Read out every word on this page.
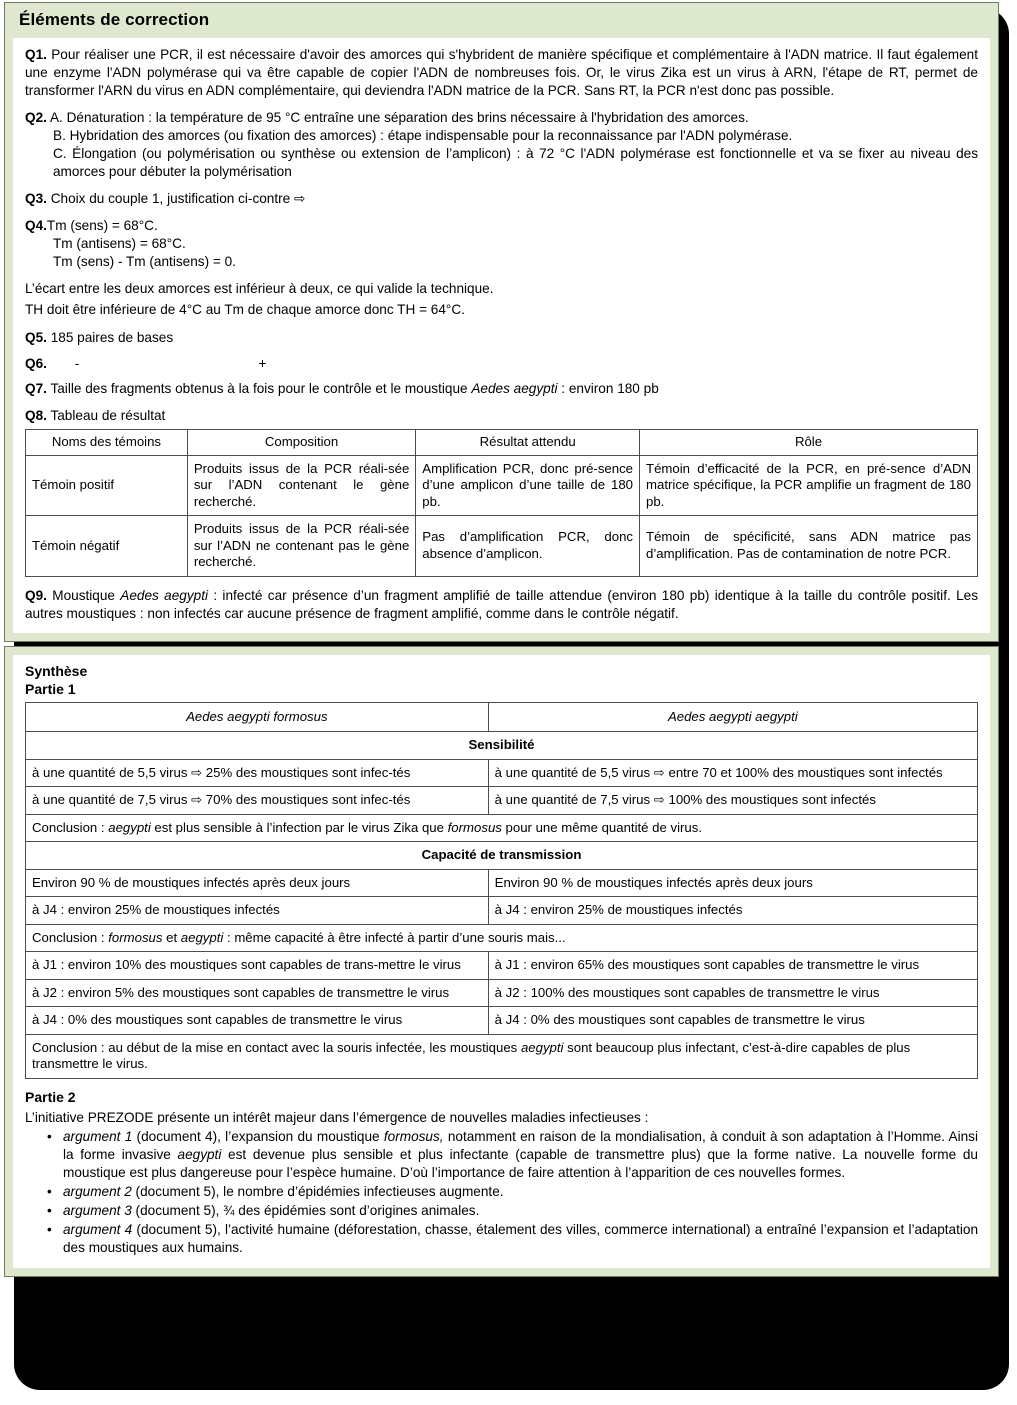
Éléments de correction

Q1. Pour réaliser une PCR, il est nécessaire d'avoir des amorces qui s'hybrident de manière spécifique et complémentaire à l'ADN matrice. Il faut également une enzyme l'ADN polymérase qui va être capable de copier l'ADN de nombreuses fois. Or, le virus Zika est un virus à ARN, l'étape de RT, permet de transformer l'ARN du virus en ADN complémentaire, qui deviendra l'ADN matrice de la PCR. Sans RT, la PCR n'est donc pas possible.

Q2. A. Dénaturation : la température de 95 °C entraîne une séparation des brins nécessaire à l'hybridation des amorces.
B. Hybridation des amorces (ou fixation des amorces) : étape indispensable pour la reconnaissance par l'ADN polymérase.
C. Élongation (ou polymérisation ou synthèse ou extension de l’amplicon) : à 72 °C l'ADN polymérase est fonctionnelle et va se fixer au niveau des amorces pour débuter la polymérisation

Q3. Choix du couple 1, justification ci-contre ⇨

Q4.Tm (sens) = 68°C.
Tm (antisens) = 68°C.
Tm (sens) - Tm (antisens) = 0.

L’écart entre les deux amorces est inférieur à deux, ce qui valide la technique.

TH doit être inférieure de 4°C au Tm de chaque amorce donc TH = 64°C.

Q5. 185 paires de bases

Q6. -	+

Q7. Taille des fragments obtenus à la fois pour le contrôle et le moustique Aedes aegypti : environ 180 pb

Q8. Tableau de résultat

Noms des témoins	Composition	Résultat attendu	Rôle
Témoin positif	Produits issus de la PCR réali-sée sur l’ADN contenant le gène recherché.	Amplification PCR, donc pré-sence d’une amplicon d’une taille de 180 pb.	Témoin d’efficacité de la PCR, en pré-sence d’ADN matrice spécifique, la PCR amplifie un fragment de 180 pb.
Témoin négatif	Produits issus de la PCR réali-sée sur l’ADN ne contenant pas le gène recherché.	Pas d’amplification PCR, donc absence d’amplicon.	Témoin de spécificité, sans ADN matrice pas d’amplification. Pas de contamination de notre PCR.

Q9. Moustique Aedes aegypti : infecté car présence d’un fragment amplifié de taille attendue (environ 180 pb) identique à la taille du contrôle positif. Les autres moustiques : non infectés car aucune présence de fragment amplifié, comme dans le contrôle négatif.

Synthèse
Partie 1
Aedes aegypti formosus	Aedes aegypti aegypti
Sensibilité	
à une quantité de 5,5 virus ⇨ 25% des moustiques sont infec-tés	à une quantité de 5,5 virus ⇨ entre 70 et 100% des moustiques sont infectés
à une quantité de 7,5 virus ⇨ 70% des moustiques sont infec-tés	à une quantité de 7,5 virus ⇨ 100% des moustiques sont infectés
Conclusion : aegypti est plus sensible à l’infection par le virus Zika que formosus pour une même quantité de virus.	
Capacité de transmission	
Environ 90 % de moustiques infectés après deux jours	Environ 90 % de moustiques infectés après deux jours
à J4 : environ 25% de moustiques infectés	à J4 : environ 25% de moustiques infectés
Conclusion : formosus et aegypti : même capacité à être infecté à partir d’une souris mais...	
à J1 : environ 10% des moustiques sont capables de trans-mettre le virus	à J1 : environ 65% des moustiques sont capables de transmettre le virus
à J2 : environ 5% des moustiques sont capables de transmettre le virus	à J2 : 100% des moustiques sont capables de transmettre le virus
à J4 : 0% des moustiques sont capables de transmettre le virus	à J4 : 0% des moustiques sont capables de transmettre le virus
Conclusion : au début de la mise en contact avec la souris infectée, les moustiques aegypti sont beaucoup plus infectant, c’est-à-dire capables de plus transmettre le virus.	
Partie 2

L’initiative PREZODE présente un intérêt majeur dans l’émergence de nouvelles maladies infectieuses :

• argument 1 (document 4), l’expansion du moustique formosus, notamment en raison de la mondialisation, à conduit à son adaptation à l’Homme. Ainsi la forme invasive aegypti est devenue plus sensible et plus infectante (capable de transmettre plus) que la forme native. La nouvelle forme du moustique est plus dangereuse pour l’espèce humaine. D’où l’importance de faire attention à l’apparition de ces nouvelles formes.
• argument 2 (document 5), le nombre d’épidémies infectieuses augmente.
• argument 3 (document 5), ¾ des épidémies sont d’origines animales.
• argument 4 (document 5), l’activité humaine (déforestation, chasse, étalement des villes, commerce international) a entraîné l’expansion et l’adaptation des moustiques aux humains.
